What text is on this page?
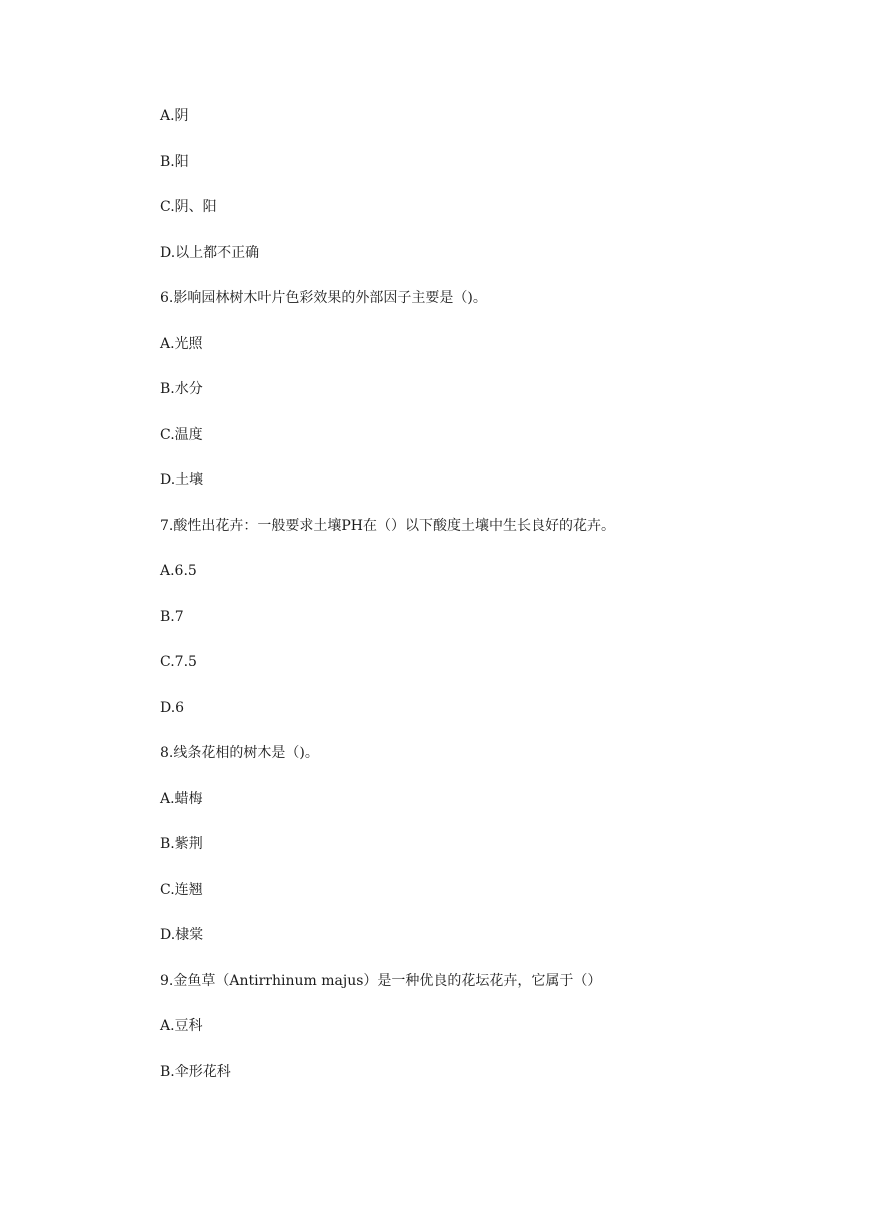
A.阴
B.阳
C.阴、阳
D.以上都不正确
6.影响园林树木叶片色彩效果的外部因子主要是（)。
A.光照
B.水分
C.温度
D.土壤
7.酸性出花卉：一般要求土壤PH在（）以下酸度土壤中生长良好的花卉。
A.6.5
B.7
C.7.5
D.6
8.线条花相的树木是（)。
A.蜡梅
B.紫荆
C.连翘
D.棣棠
9.金鱼草（Antirrhinum majus）是一种优良的花坛花卉，它属于（）
A.豆科
B.伞形花科
